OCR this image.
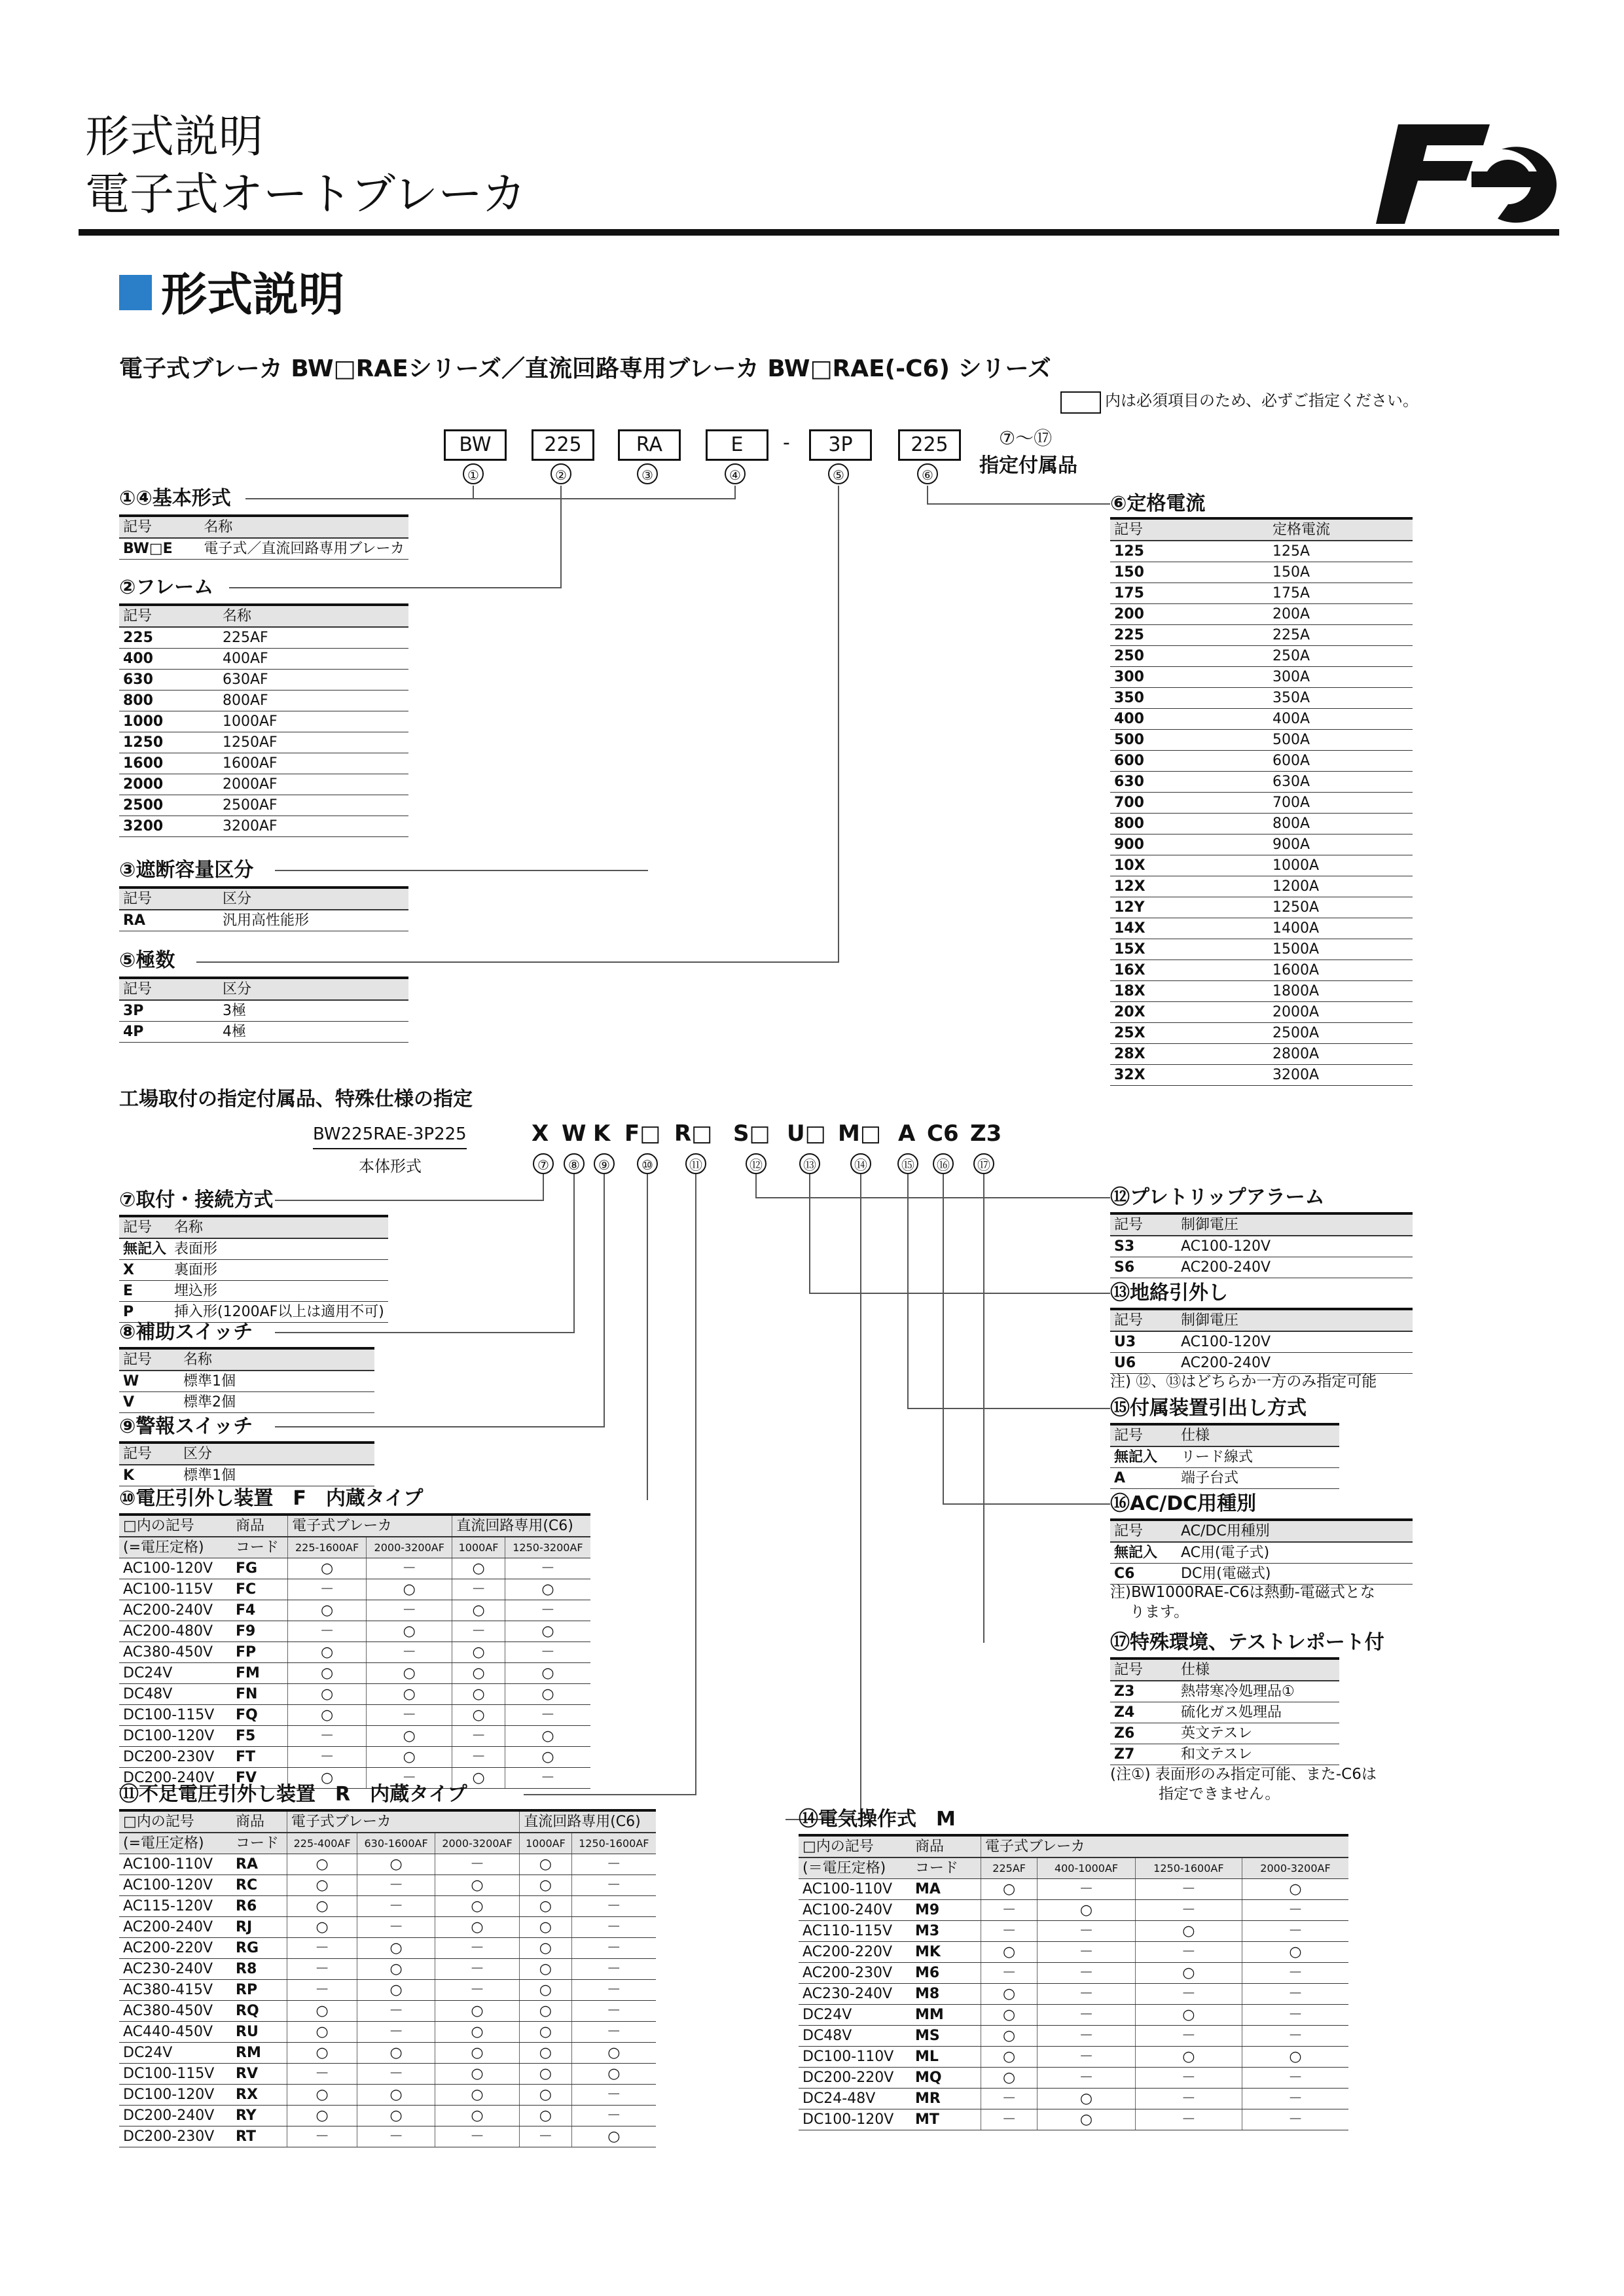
形式説明
電子式オートブレーカ
形式説明
電子式ブレーカ BW□RAEシリーズ／直流回路専用ブレーカ BW□RAE(-C6) シリーズ
内は必須項目のため、必ずご指定ください。
BW	225	RA	E	-	3P	225	⑦〜⑰
指定付属品
①	②	③	④	⑤	⑥
①④基本形式
記号	名称
BW□E	電子式／直流回路専用ブレーカ
②フレーム
記号	名称
225	225AF
400	400AF
630	630AF
800	800AF
1000	1000AF
1250	1250AF
1600	1600AF
2000	2000AF
2500	2500AF
3200	3200AF
③遮断容量区分
記号	区分
RA	汎用高性能形
⑤極数
記号	区分
3P	3極
4P	4極
⑥定格電流
記号	定格電流
125	125A
150	150A
175	175A
200	200A
225	225A
250	250A
300	300A
350	350A
400	400A
500	500A
600	600A
630	630A
700	700A
800	800A
900	900A
10X	1000A
12X	1200A
12Y	1250A
14X	1400A
15X	1500A
16X	1600A
18X	1800A
20X	2000A
25X	2500A
28X	2800A
32X	3200A
工場取付の指定付属品、特殊仕様の指定
BW225RAE-3P225
本体形式
X W K F□ R□ S□ U□ M□ A C6 Z3
⑦	⑧	⑨	⑩	⑪	⑫	⑬	⑭	⑮	⑯	⑰
⑦取付・接続方式
記号	名称
無記入	表面形
X	裏面形
E	埋込形
P	挿入形(1200AF以上は適用不可)
⑧補助スイッチ
記号	名称
W	標準1個
V	標準2個
⑨警報スイッチ
記号	区分
K	標準1個
⑩電圧引外し装置　F　内蔵タイプ
□内の記号	商品	電子式ブレーカ		直流回路専用(C6)	
(=電圧定格)	コード	225-1600AF	2000-3200AF	1000AF	1250-3200AF
AC100-120V	FG	○	－	○	－
AC100-115V	FC	－	○	－	○
AC200-240V	F4	○	－	○	－
AC200-480V	F9	－	○	－	○
AC380-450V	FP	○	－	○	－
DC24V	FM	○	○	○	○
DC48V	FN	○	○	○	○
DC100-115V	FQ	○	－	○	－
DC100-120V	F5	－	○	－	○
DC200-230V	FT	－	○	－	○
DC200-240V	FV	○	－	○	－
⑪不足電圧引外し装置　R　内蔵タイプ
□内の記号	商品	電子式ブレーカ			直流回路専用(C6)	
(=電圧定格)	コード	225-400AF	630-1600AF	2000-3200AF	1000AF	1250-1600AF
AC100-110V	RA	○	○	－	○	－
AC100-120V	RC	○	－	○	○	－
AC115-120V	R6	○	－	○	○	－
AC200-240V	RJ	○	－	○	○	－
AC200-220V	RG	－	○	－	○	－
AC230-240V	R8	－	○	－	○	－
AC380-415V	RP	－	○	－	○	－
AC380-450V	RQ	○	－	○	○	－
AC440-450V	RU	○	－	○	○	－
DC24V	RM	○	○	○	○	○
DC100-115V	RV	－	－	○	○	○
DC100-120V	RX	○	○	○	○	－
DC200-240V	RY	○	○	○	○	－
DC200-230V	RT	－	－	－	－	○
⑫プレトリップアラーム
記号	制御電圧
S3	AC100-120V
S6	AC200-240V
⑬地絡引外し
記号	制御電圧
U3	AC100-120V
U6	AC200-240V
注) ⑫、⑬はどちらか一方のみ指定可能
⑮付属装置引出し方式
記号	仕様
無記入	リード線式
A	端子台式
⑯AC/DC用種別
記号	AC/DC用種別
無記入	AC用(電子式)
C6	DC用(電磁式)
注)BW1000RAE-C6は熱動-電磁式とな
ります。
⑰特殊環境、テストレポート付
記号	仕様
Z3	熱帯寒冷処理品①
Z4	硫化ガス処理品
Z6	英文テスレ
Z7	和文テスレ
(注①) 表面形のみ指定可能、また-C6は
指定できません。
⑭電気操作式　M
□内の記号	商品	電子式ブレーカ			
(＝電圧定格)	コード	225AF	400-1000AF	1250-1600AF	2000-3200AF
AC100-110V	MA	○	－	－	○
AC100-240V	M9	－	○	－	－
AC110-115V	M3	－	－	○	－
AC200-220V	MK	○	－	－	○
AC200-230V	M6	－	－	○	－
AC230-240V	M8	○	－	－	－
DC24V	MM	○	－	○	－
DC48V	MS	○	－	－	－
DC100-110V	ML	○	－	○	○
DC200-220V	MQ	○	－	－	－
DC24-48V	MR	－	○	－	－
DC100-120V	MT	－	○	－	－
